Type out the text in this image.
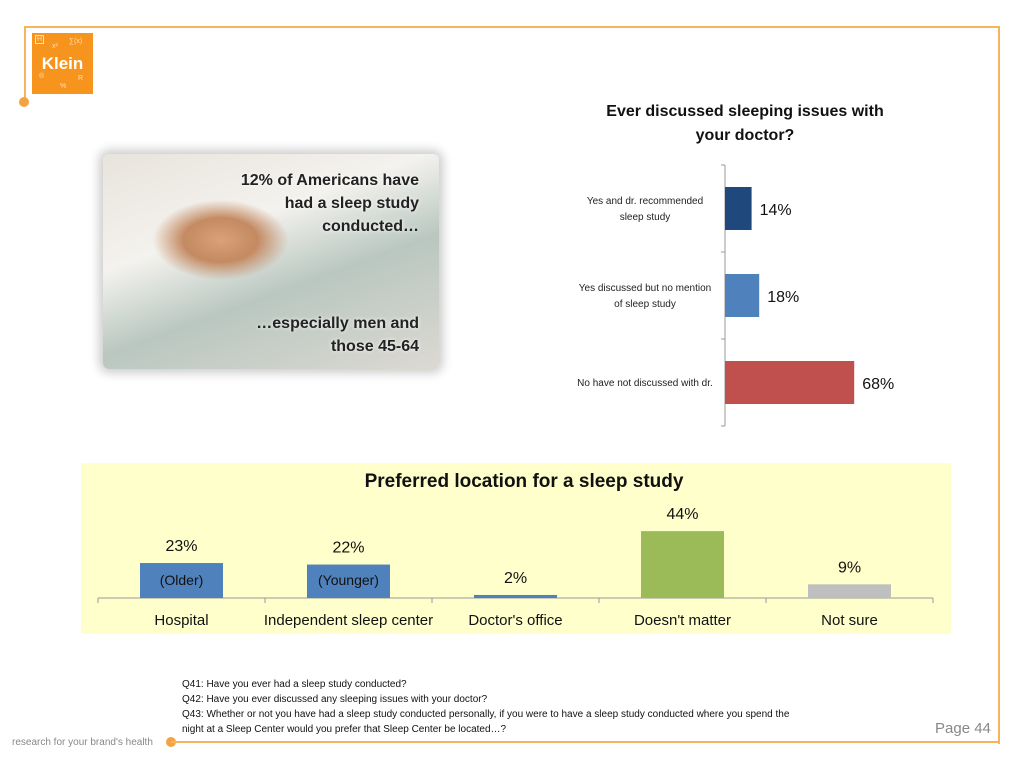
H
x²
∑(x)
Klein
®	R
%
12% of Americans have
had a sleep study
conducted…
…especially men and
those 45-64
Ever discussed sleeping issues with
your doctor?
14%
Yes and dr. recommended
sleep study
18%
Yes discussed but no mention
of sleep study
68%
No have not discussed with dr.
Preferred location for a sleep study
23%
(Older)
Hospital
22%
(Younger)
Independent sleep center
2%
Doctor's office
44%
Doesn't matter
9%
Not sure
Q41: Have you ever had a sleep study conducted?
Q42: Have you ever discussed any sleeping issues with your doctor?
Q43: Whether or not you have had a sleep study conducted personally, if you were to have a sleep study conducted where you spend the
night at a Sleep Center would you prefer that Sleep Center be located…?
research for your brand's health
Page 44
